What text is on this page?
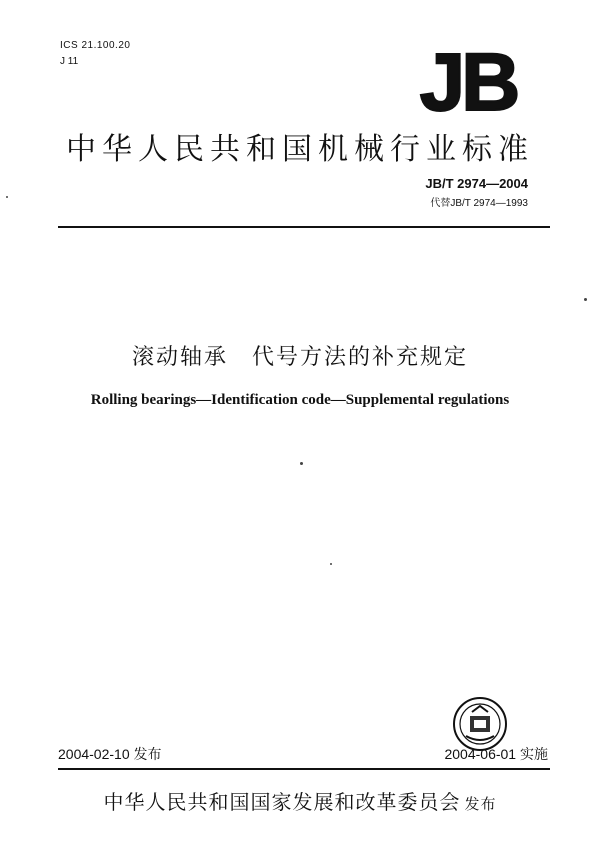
ICS 21.100.20
J 11	JB
中华人民共和国机械行业标准
JB/T 2974—2004
代替JB/T 2974—1993
滚动轴承　代号方法的补充规定
Rolling bearings—Identification code—Supplemental regulations
2004-02-10 发布	2004-06-01 实施
中华人民共和国国家发展和改革委员会 发布
